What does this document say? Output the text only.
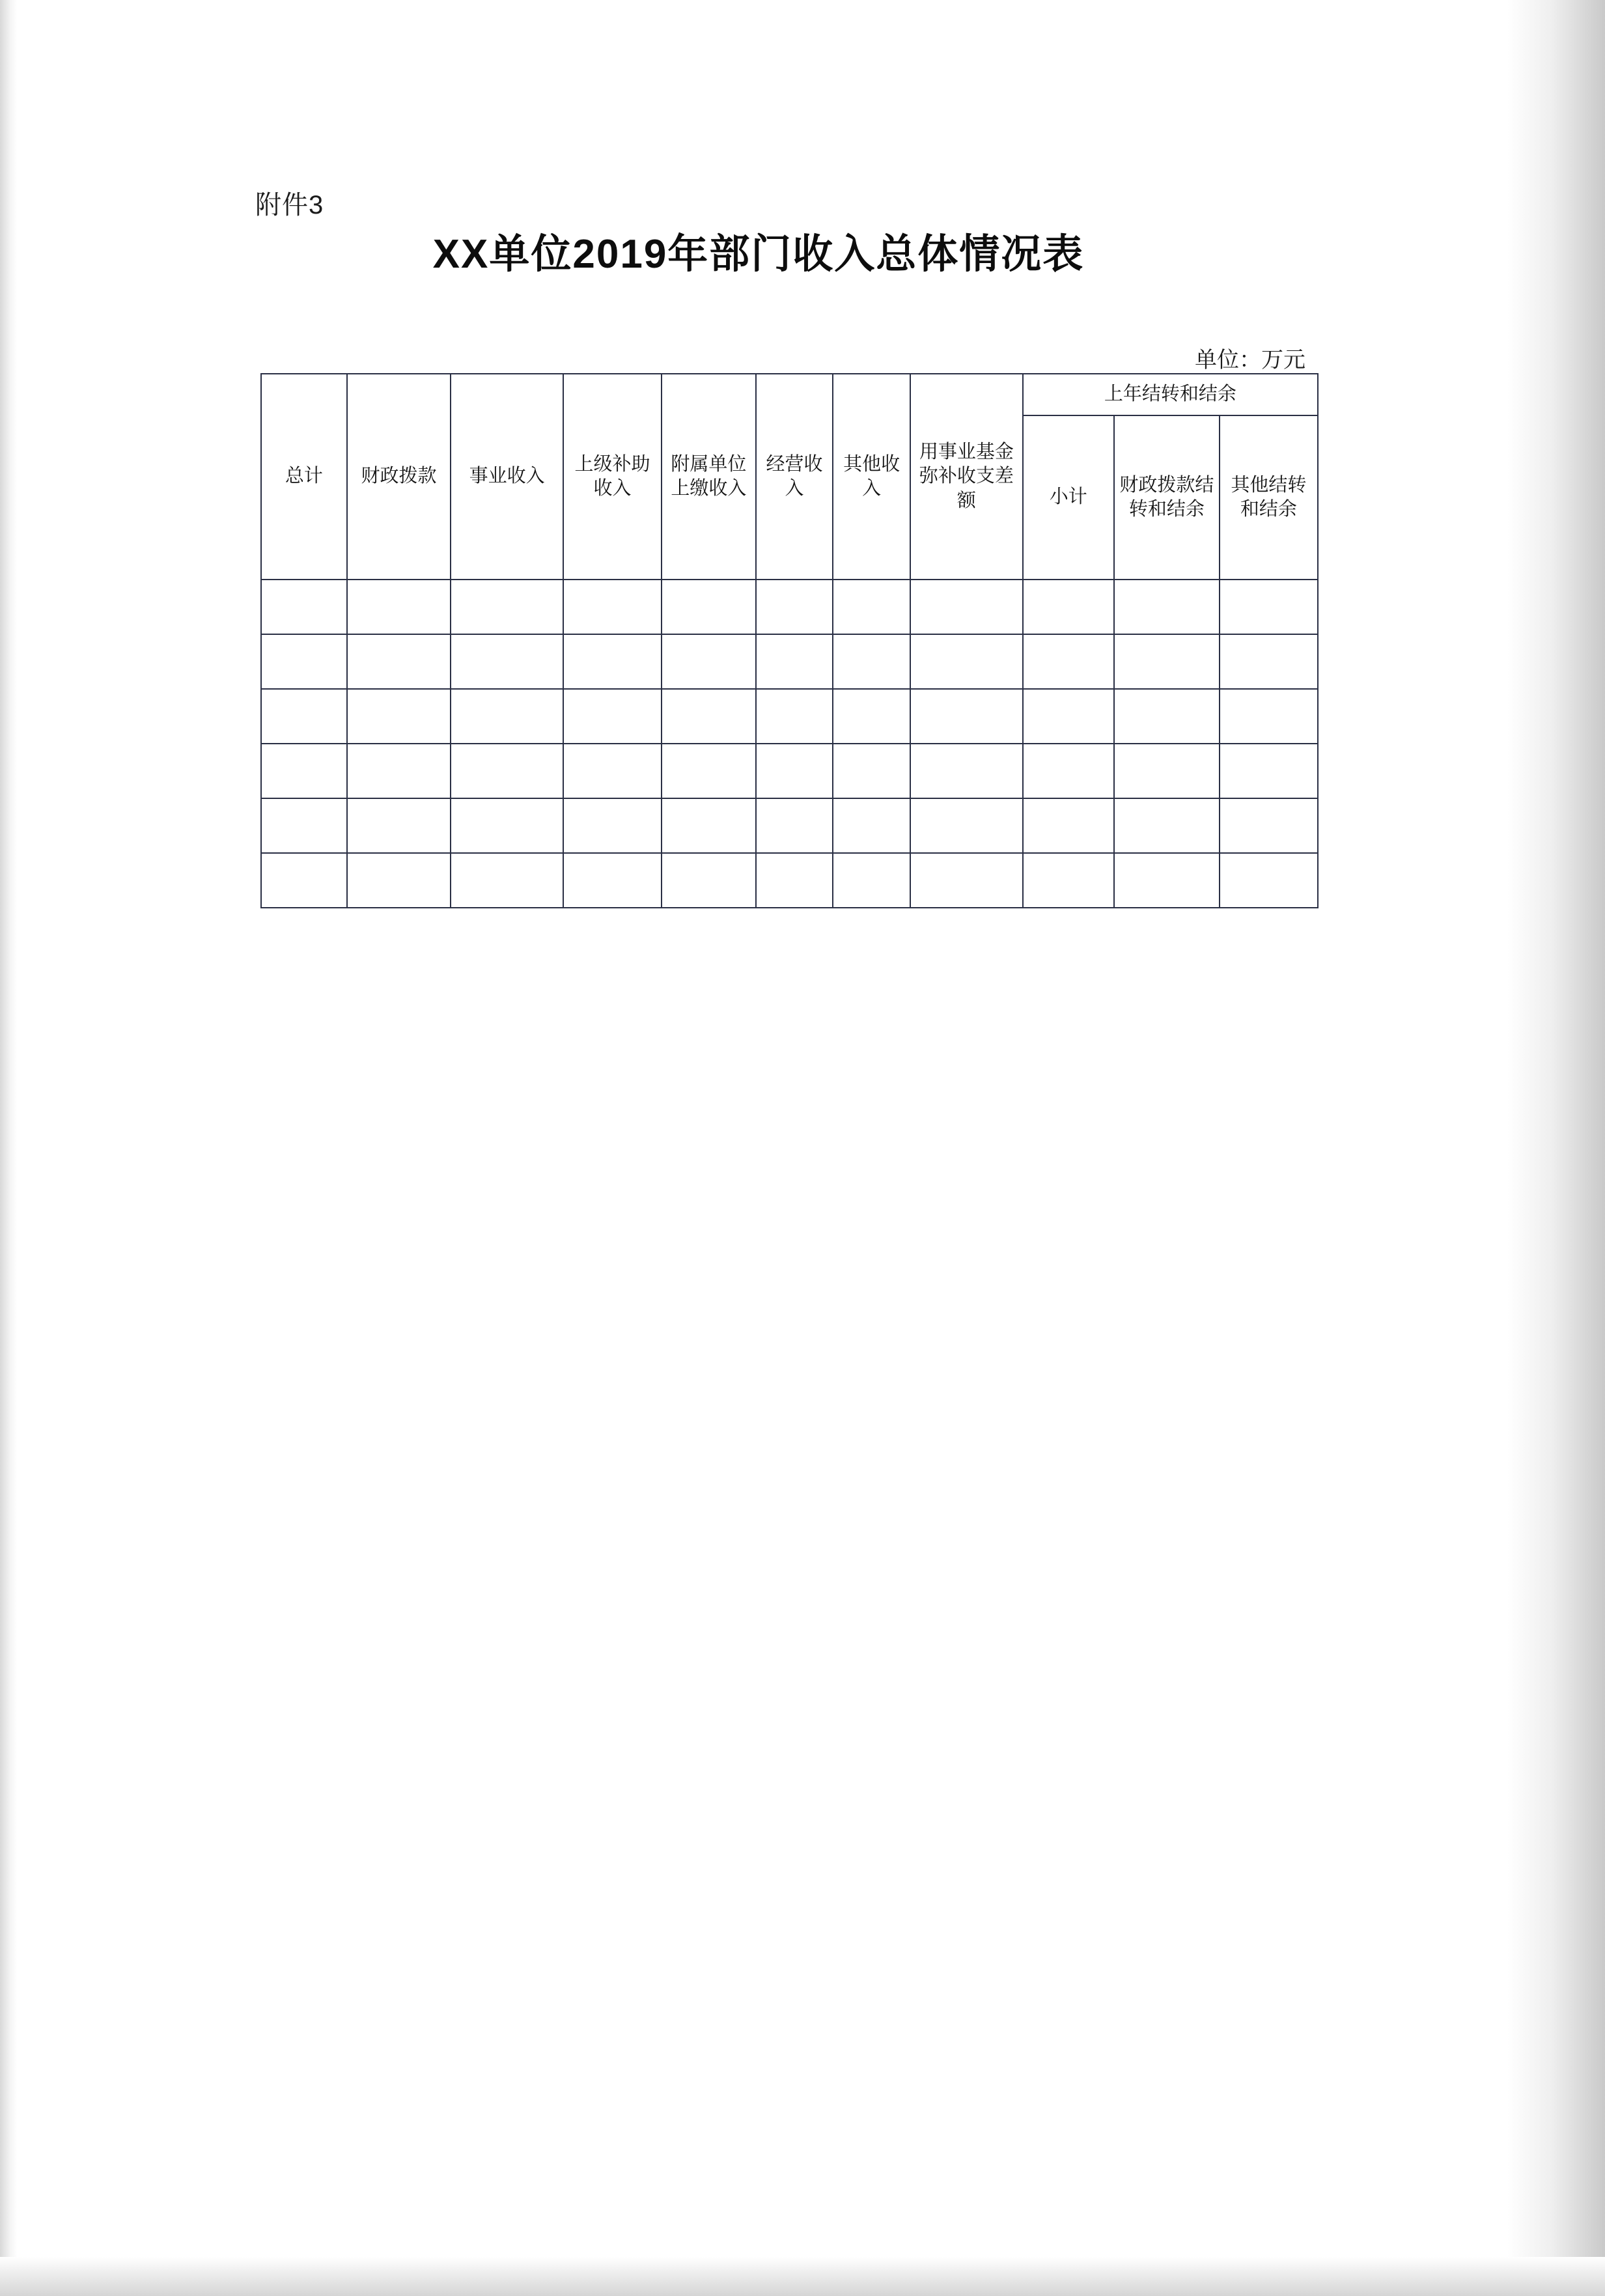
附件3
XX单位2019年部门收入总体情况表
单位：万元
总计	财政拨款	事业收入	上级补助收入	附属单位上缴收入	经营收入	其他收入	用事业基金弥补收支差额	上年结转和结余		

								小计	财政拨款结转和结余	其他结转和结余
